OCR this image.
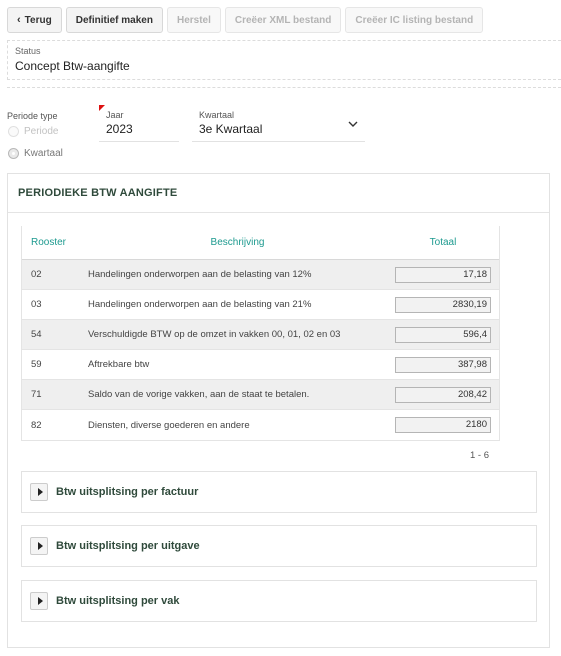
‹ Terug	Definitief maken	Herstel	Creëer XML bestand	Creëer IC listing bestand
Status
Concept Btw-aangifte
Periode type
Periode
Kwartaal
Jaar
2023
Kwartaal
3e Kwartaal
PERIODIEKE BTW AANGIFTE
Rooster	Beschrijving	Totaal
02	Handelingen onderworpen aan de belasting van 12%	17,18
03	Handelingen onderworpen aan de belasting van 21%	2830,19
54	Verschuldigde BTW op de omzet in vakken 00, 01, 02 en 03	596,4
59	Aftrekbare btw	387,98
71	Saldo van de vorige vakken, aan de staat te betalen.	208,42
82	Diensten, diverse goederen en andere	2180
1 - 6
Btw uitsplitsing per factuur
Btw uitsplitsing per uitgave
Btw uitsplitsing per vak
